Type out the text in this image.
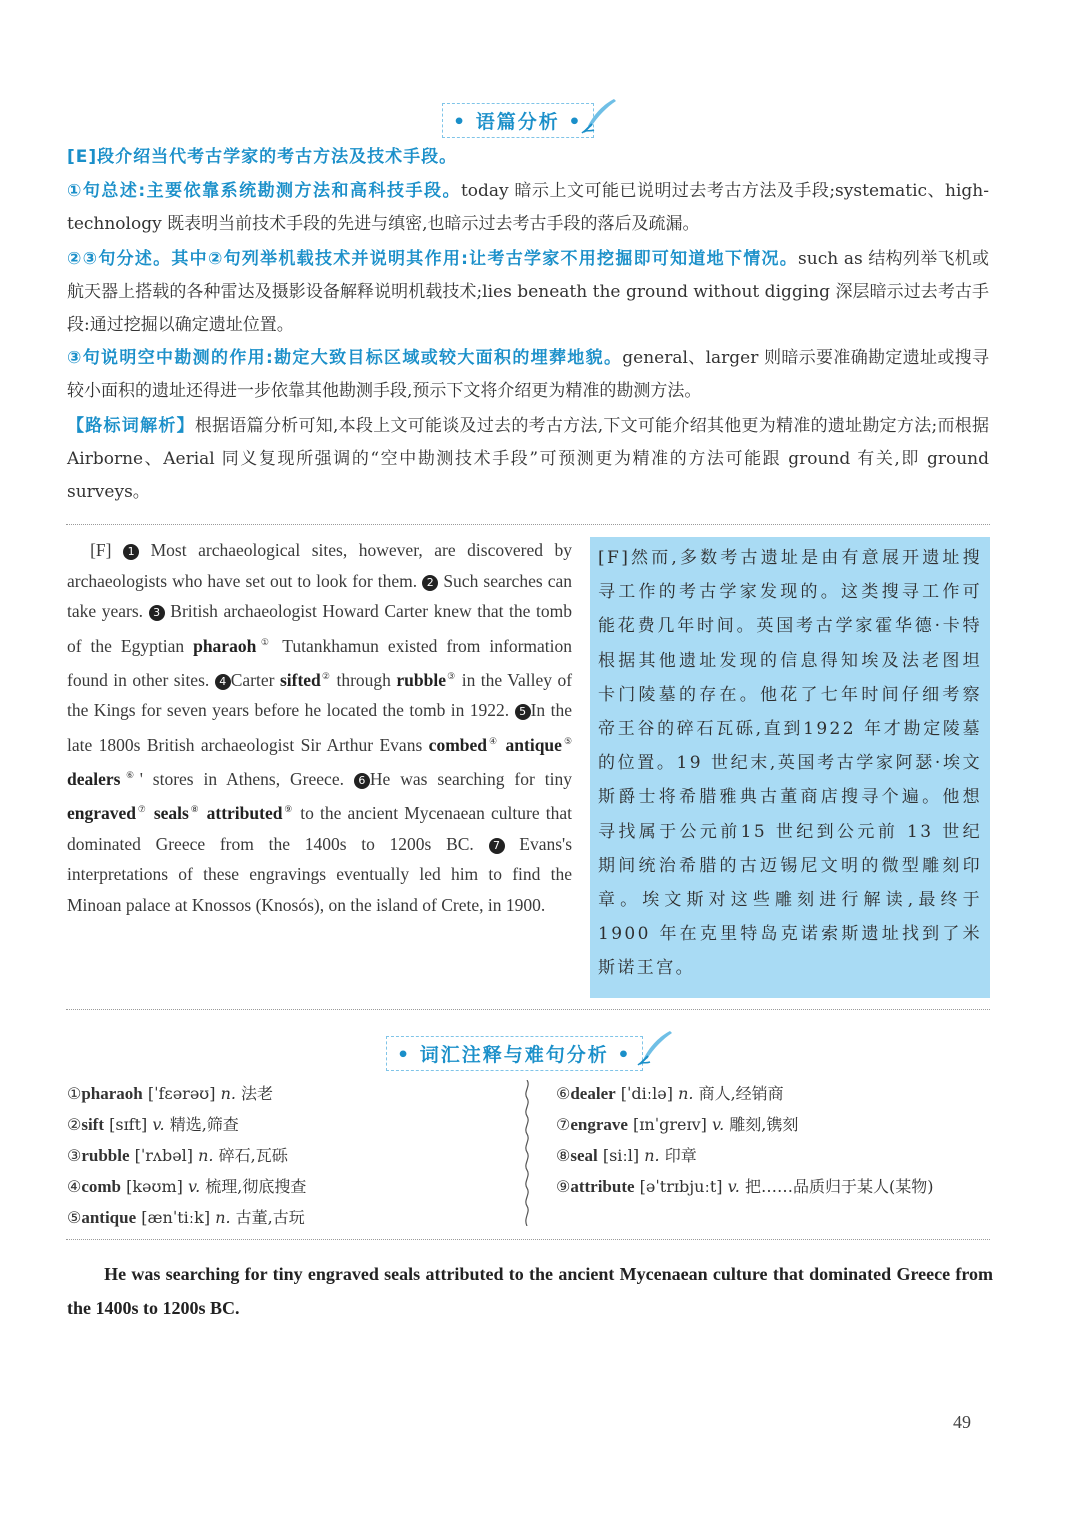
• 语篇分析 •
[E]段介绍当代考古学家的考古方法及技术手段。
①句总述:主要依靠系统勘测方法和高科技手段。today 暗示上文可能已说明过去考古方法及手段;systematic、high-technology 既表明当前技术手段的先进与缜密,也暗示过去考古手段的落后及疏漏。
②③句分述。其中②句列举机载技术并说明其作用:让考古学家不用挖掘即可知道地下情况。such as 结构列举飞机或航天器上搭载的各种雷达及摄影设备解释说明机载技术;lies beneath the ground without digging 深层暗示过去考古手段:通过挖掘以确定遗址位置。
③句说明空中勘测的作用:勘定大致目标区域或较大面积的埋葬地貌。general、larger 则暗示要准确勘定遗址或搜寻较小面积的遗址还得进一步依靠其他勘测手段,预示下文将介绍更为精准的勘测方法。
【路标词解析】根据语篇分析可知,本段上文可能谈及过去的考古方法,下文可能介绍其他更为精准的遗址勘定方法;而根据 Airborne、Aerial 同义复现所强调的“空中勘测技术手段”可预测更为精准的方法可能跟 ground 有关,即 ground surveys。
[F] 1 Most archaeological sites, however, are discovered by archaeologists who have set out to look for them. 2 Such searches can take years. 3 British archaeologist Howard Carter knew that the tomb of the Egyptian pharaoh① Tutankhamun existed from information found in other sites. 4 Carter sifted② through rubble③ in the Valley of the Kings for seven years before he located the tomb in 1922. 5 In the late 1800s British archaeologist Sir Arthur Evans combed④ antique⑤ dealers⑥' stores in Athens, Greece. 6 He was searching for tiny engraved⑦ seals⑧ attributed⑨ to the ancient Mycenaean culture that dominated Greece from the 1400s to 1200s BC. 7 Evans's interpretations of these engravings eventually led him to find the Minoan palace at Knossos (Knosós), on the island of Crete, in 1900.
[F]然而,多数考古遗址是由有意展开遗址搜寻工作的考古学家发现的。这类搜寻工作可能花费几年时间。英国考古学家霍华德·卡特根据其他遗址发现的信息得知埃及法老图坦卡门陵墓的存在。他花了七年时间仔细考察帝王谷的碎石瓦砾,直到1922 年才勘定陵墓的位置。19 世纪末,英国考古学家阿瑟·埃文斯爵士将希腊雅典古董商店搜寻个遍。他想寻找属于公元前15 世纪到公元前 13 世纪期间统治希腊的古迈锡尼文明的微型雕刻印章。埃文斯对这些雕刻进行解读,最终于 1900 年在克里特岛克诺索斯遗址找到了米斯诺王宫。
• 词汇注释与难句分析 •
①pharaoh [ˈfɛərəʊ] n. 法老
②sift [sɪft] v. 精选,筛查
③rubble [ˈrʌbəl] n. 碎石,瓦砾
④comb [kəʊm] v. 梳理,彻底搜查
⑤antique [ænˈtiːk] n. 古董,古玩
⑥dealer [ˈdiːlə] n. 商人,经销商
⑦engrave [ɪnˈgreɪv] v. 雕刻,镌刻
⑧seal [siːl] n. 印章
⑨attribute [əˈtrɪbjuːt] v. 把……品质归于某人(某物)
He was searching for tiny engraved seals attributed to the ancient Mycenaean culture that dominated Greece from the 1400s to 1200s BC.
49
